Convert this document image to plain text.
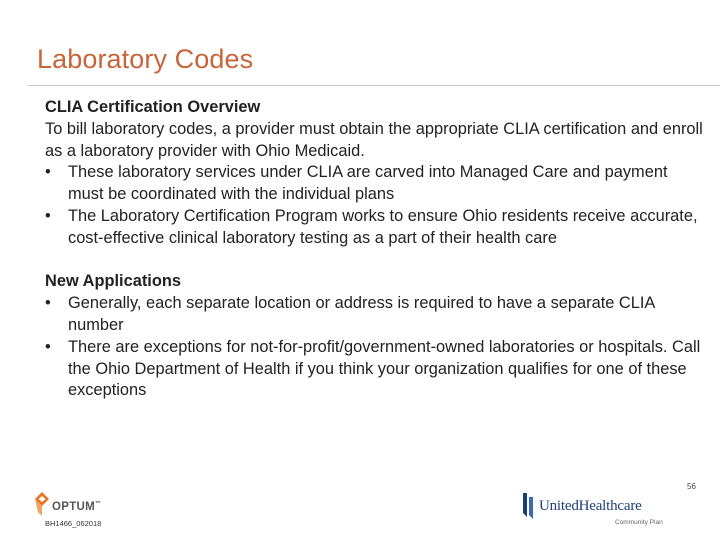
Laboratory Codes
CLIA Certification Overview

To bill laboratory codes, a provider must obtain the appropriate CLIA certification and enroll as a laboratory provider with Ohio Medicaid.

• These laboratory services under CLIA are carved into Managed Care and payment must be coordinated with the individual plans
• The Laboratory Certification Program works to ensure Ohio residents receive accurate, cost-effective clinical laboratory testing as a part of their health care
New Applications
• Generally, each separate location or address is required to have a separate CLIA number
• There are exceptions for not-for-profit/government-owned laboratories or hospitals. Call the Ohio Department of Health if you think your organization qualifies for one of these exceptions
OPTUM™
BH1466_062018
UnitedHealthcare
Community Plan
56
